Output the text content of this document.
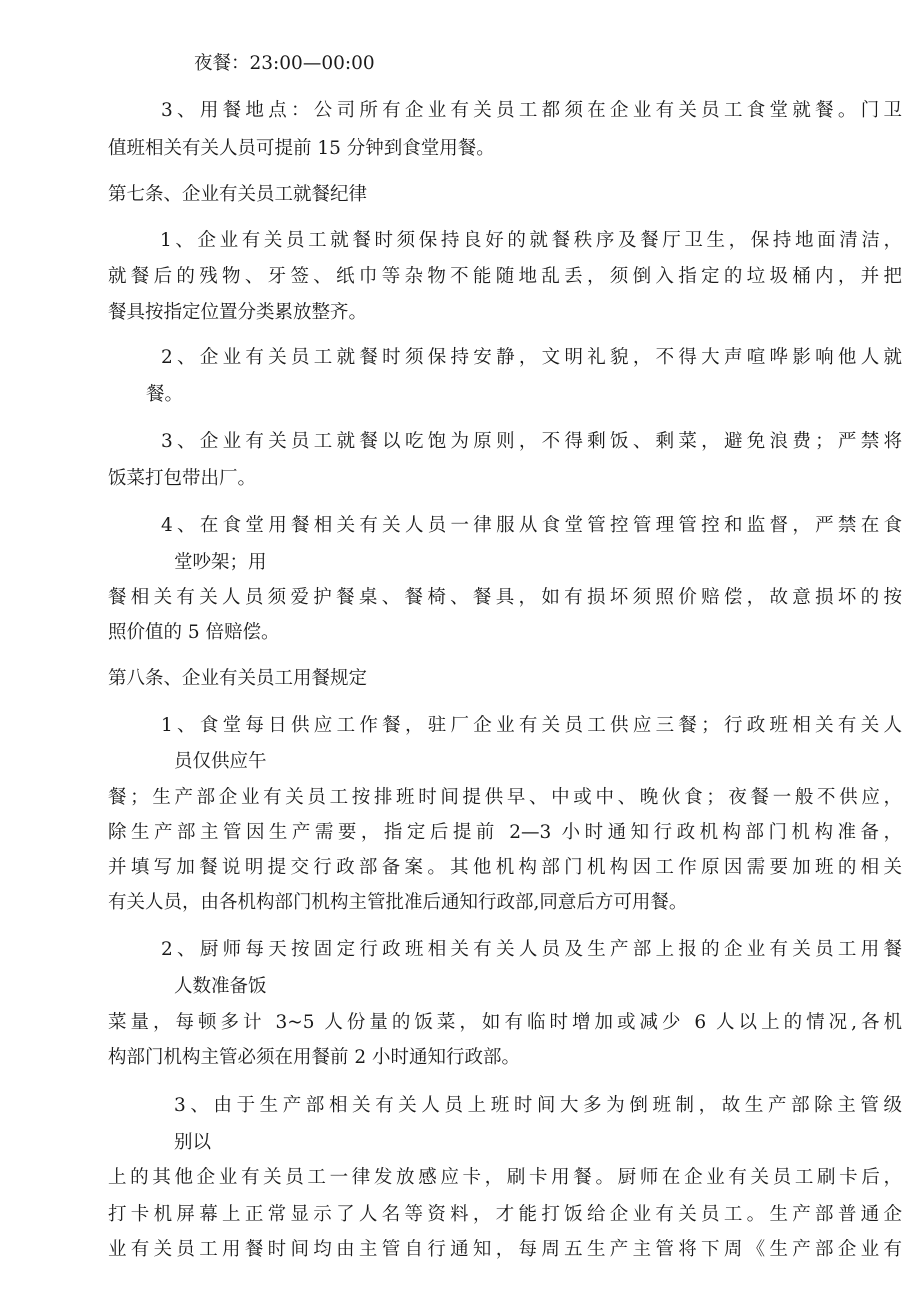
夜餐：23:00—00:00
3、用餐地点：公司所有企业有关员工都须在企业有关员工食堂就餐。门卫
值班相关有关人员可提前 15 分钟到食堂用餐。
第七条、企业有关员工就餐纪律
1、企业有关员工就餐时须保持良好的就餐秩序及餐厅卫生，保持地面清洁，
就餐后的残物、牙签、纸巾等杂物不能随地乱丢，须倒入指定的垃圾桶内，并把
餐具按指定位置分类累放整齐。
2、企业有关员工就餐时须保持安静，文明礼貌，不得大声喧哗影响他人就
餐。
3、企业有关员工就餐以吃饱为原则，不得剩饭、剩菜，避免浪费；严禁将
饭菜打包带出厂。
4、在食堂用餐相关有关人员一律服从食堂管控管理管控和监督，严禁在食
堂吵架；用
餐相关有关人员须爱护餐桌、餐椅、餐具，如有损坏须照价赔偿，故意损坏的按
照价值的 5 倍赔偿。
第八条、企业有关员工用餐规定
1、食堂每日供应工作餐，驻厂企业有关员工供应三餐；行政班相关有关人
员仅供应午
餐；生产部企业有关员工按排班时间提供早、中或中、晚伙食；夜餐一般不供应，
除生产部主管因生产需要，指定后提前 2—3 小时通知行政机构部门机构准备，
并填写加餐说明提交行政部备案。其他机构部门机构因工作原因需要加班的相关
有关人员，由各机构部门机构主管批准后通知行政部,同意后方可用餐。
2、厨师每天按固定行政班相关有关人员及生产部上报的企业有关员工用餐
人数准备饭
菜量，每顿多计 3~5 人份量的饭菜，如有临时增加或减少 6 人以上的情况,各机
构部门机构主管必须在用餐前 2 小时通知行政部。
3、由于生产部相关有关人员上班时间大多为倒班制，故生产部除主管级
别以
上的其他企业有关员工一律发放感应卡，刷卡用餐。厨师在企业有关员工刷卡后，
打卡机屏幕上正常显示了人名等资料，才能打饭给企业有关员工。生产部普通企
业有关员工用餐时间均由主管自行通知，每周五生产主管将下周《生产部企业有
